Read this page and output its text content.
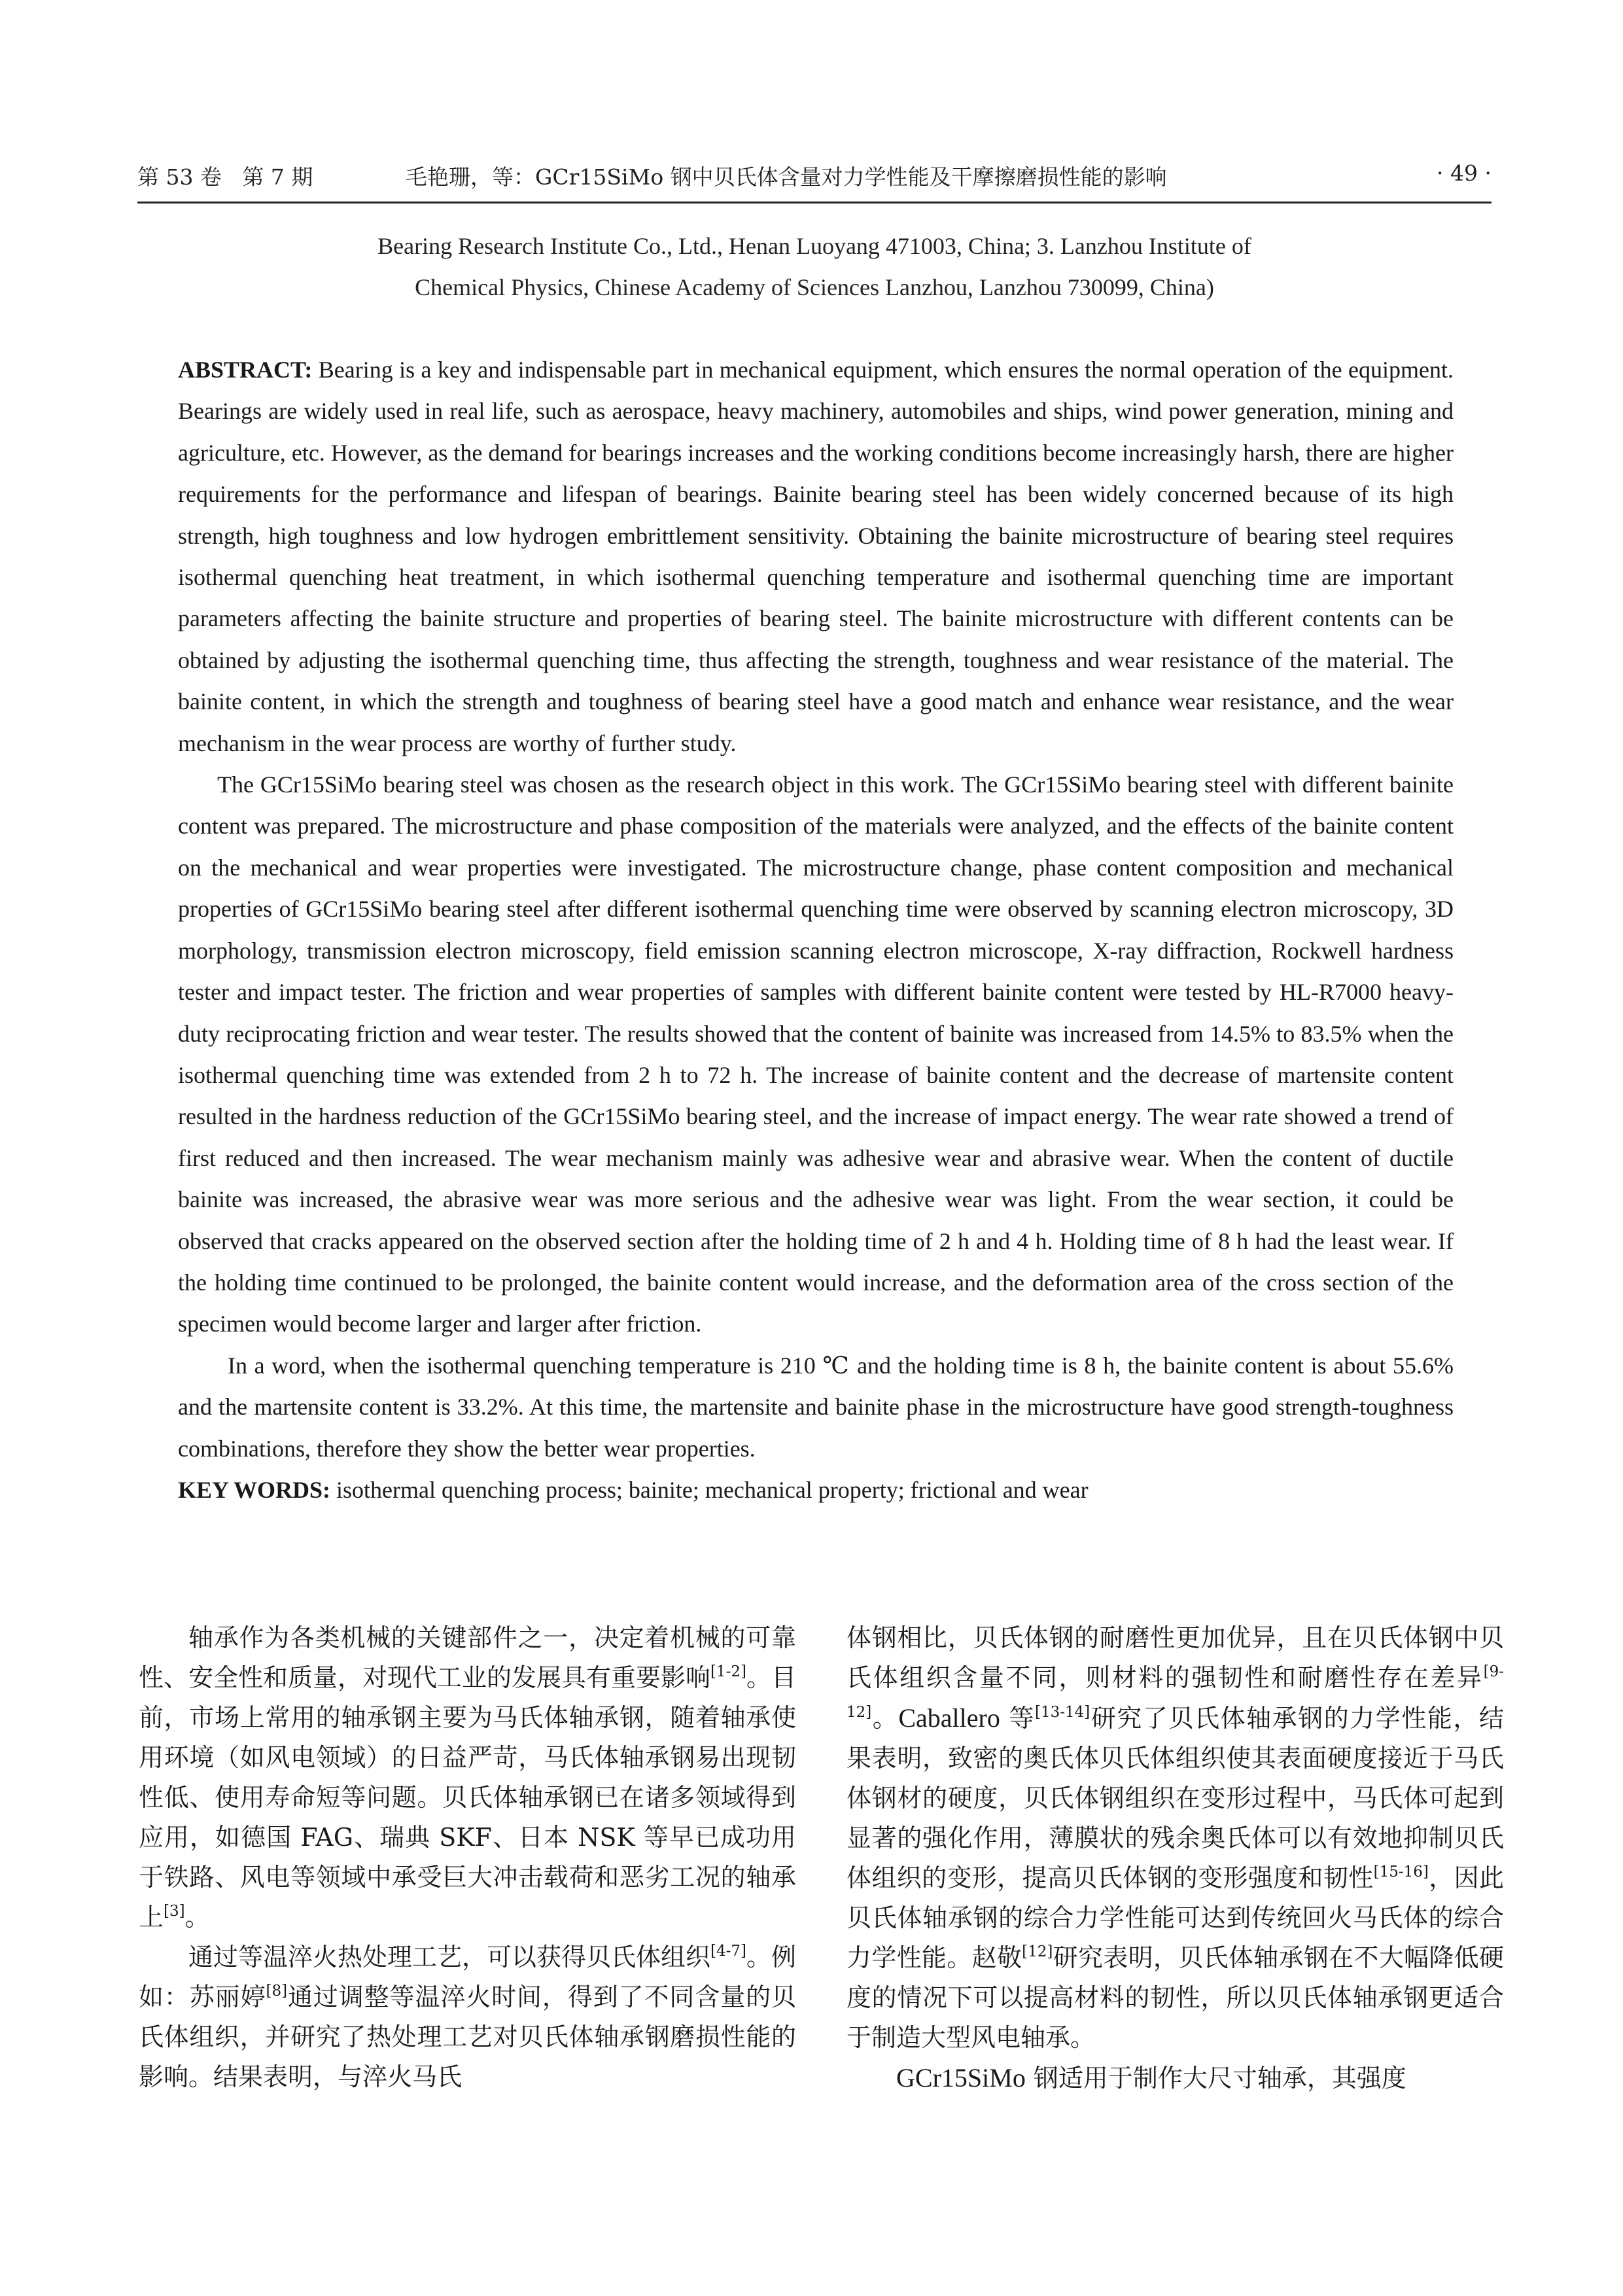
第 53 卷   第 7 期	毛艳珊，等：GCr15SiMo 钢中贝氏体含量对力学性能及干摩擦磨损性能的影响	· 49 ·
Bearing Research Institute Co., Ltd., Henan Luoyang 471003, China; 3. Lanzhou Institute of
Chemical Physics, Chinese Academy of Sciences Lanzhou, Lanzhou 730099, China)

ABSTRACT: Bearing is a key and indispensable part in mechanical equipment, which ensures the normal operation of the equipment. Bearings are widely used in real life, such as aerospace, heavy machinery, automobiles and ships, wind power generation, mining and agriculture, etc. However, as the demand for bearings increases and the working conditions become increasingly harsh, there are higher requirements for the performance and lifespan of bearings. Bainite bearing steel has been widely concerned because of its high strength, high toughness and low hydrogen embrittlement sensitivity. Obtaining the bainite microstructure of bearing steel requires isothermal quenching heat treatment, in which isothermal quenching temperature and isothermal quenching time are important parameters affecting the bainite structure and properties of bearing steel. The bainite microstructure with different contents can be obtained by adjusting the isothermal quenching time, thus affecting the strength, toughness and wear resistance of the material. The bainite content, in which the strength and toughness of bearing steel have a good match and enhance wear resistance, and the wear mechanism in the wear process are worthy of further study.

The GCr15SiMo bearing steel was chosen as the research object in this work. The GCr15SiMo bearing steel with different bainite content was prepared. The microstructure and phase composition of the materials were analyzed, and the effects of the bainite content on the mechanical and wear properties were investigated. The microstructure change, phase content composition and mechanical properties of GCr15SiMo bearing steel after different isothermal quenching time were observed by scanning electron microscopy, 3D morphology, transmission electron microscopy, field emission scanning electron microscope, X-ray diffraction, Rockwell hardness tester and impact tester. The friction and wear properties of samples with different bainite content were tested by HL-R7000 heavy-duty reciprocating friction and wear tester. The results showed that the content of bainite was increased from 14.5% to 83.5% when the isothermal quenching time was extended from 2 h to 72 h. The increase of bainite content and the decrease of martensite content resulted in the hardness reduction of the GCr15SiMo bearing steel, and the increase of impact energy. The wear rate showed a trend of first reduced and then increased. The wear mechanism mainly was adhesive wear and abrasive wear. When the content of ductile bainite was increased, the abrasive wear was more serious and the adhesive wear was light. From the wear section, it could be observed that cracks appeared on the observed section after the holding time of 2 h and 4 h. Holding time of 8 h had the least wear. If the holding time continued to be prolonged, the bainite content would increase, and the deformation area of the cross section of the specimen would become larger and larger after friction.

In a word, when the isothermal quenching temperature is 210 ℃ and the holding time is 8 h, the bainite content is about 55.6% and the martensite content is 33.2%. At this time, the martensite and bainite phase in the microstructure have good strength-toughness combinations, therefore they show the better wear properties.

KEY WORDS: isothermal quenching process; bainite; mechanical property; frictional and wear

轴承作为各类机械的关键部件之一，决定着机械的可靠性、安全性和质量，对现代工业的发展具有重要影响[1-2]。目前，市场上常用的轴承钢主要为马氏体轴承钢，随着轴承使用环境（如风电领域）的日益严苛，马氏体轴承钢易出现韧性低、使用寿命短等问题。贝氏体轴承钢已在诸多领域得到应用，如德国 FAG、瑞典 SKF、日本 NSK 等早已成功用于铁路、风电等领域中承受巨大冲击载荷和恶劣工况的轴承上[3]。

通过等温淬火热处理工艺，可以获得贝氏体组织[4-7]。例如：苏丽婷[8]通过调整等温淬火时间，得到了不同含量的贝氏体组织，并研究了热处理工艺对贝氏体轴承钢磨损性能的影响。结果表明，与淬火马氏

体钢相比，贝氏体钢的耐磨性更加优异，且在贝氏体钢中贝氏体组织含量不同，则材料的强韧性和耐磨性存在差异[9-12]。Caballero 等[13-14]研究了贝氏体轴承钢的力学性能，结果表明，致密的奥氏体贝氏体组织使其表面硬度接近于马氏体钢材的硬度，贝氏体钢组织在变形过程中，马氏体可起到显著的强化作用，薄膜状的残余奥氏体可以有效地抑制贝氏体组织的变形，提高贝氏体钢的变形强度和韧性[15-16]，因此贝氏体轴承钢的综合力学性能可达到传统回火马氏体的综合力学性能。赵敬[12]研究表明，贝氏体轴承钢在不大幅降低硬度的情况下可以提高材料的韧性，所以贝氏体轴承钢更适合于制造大型风电轴承。

GCr15SiMo 钢适用于制作大尺寸轴承，其强度
